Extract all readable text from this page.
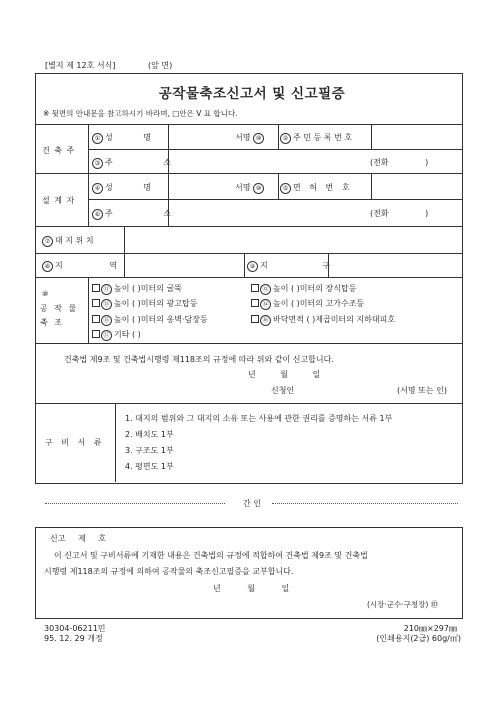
[별지 제 12호 서식]	(앞 면)
공작물축조신고서 및 신고필증
※ 뒷면의 안내문을 참고하시기 바라며, □안은 V 표 합니다.
건 축 주
① 성 명	서명 ⑩	② 주 민 등 록 번 호
③ 주 소	(전화 )
설 계 자
④ 성 명	서명 ⑩	⑤ 면 허 번 호
⑥ 주 소	(전화 )
⑦ 대 지 위 치
⑧ 지 역	⑨ 지 구
⑩
공 작 물 축 조
⑪ 높이 ( )미터의 굴뚝	⑫ 높이 ( )미터의 장식탑등
⑬ 높이 ( )미터의 광고탑등	⑭ 높이 ( )미터의 고가수조등
⑮ 높이 ( )미터의 옹벽·담장등	⑯ 바닥면적 ( )제곱미터의 지하대피호
⑰ 기타 ( )
건축법 제9조 및 건축법시행령 제118조의 규정에 따라 위와 같이 신고합니다.
년 월 일
신청인	(서명 또는 인)
구 비 서 류
1. 대지의 범위와 그 대지의 소유 또는 사용에 관한 권리를 증명하는 서류 1부
2. 배치도 1부
3. 구조도 1부
4. 평면도 1부
간 인
신고 제 호
이 신고서 및 구비서류에 기재한 내용은 건축법의 규정에 적합하여 건축법 제9조 및 건축법
시행령 제118조의 규정에 의하여 공작물의 축조신고필증을 교부합니다.
년 월 일
(시장·군수·구청장) ㊞
30304-06211민
95. 12. 29 개정
210㎜×297㎜
(인쇄용지(2급) 60g/㎡)
